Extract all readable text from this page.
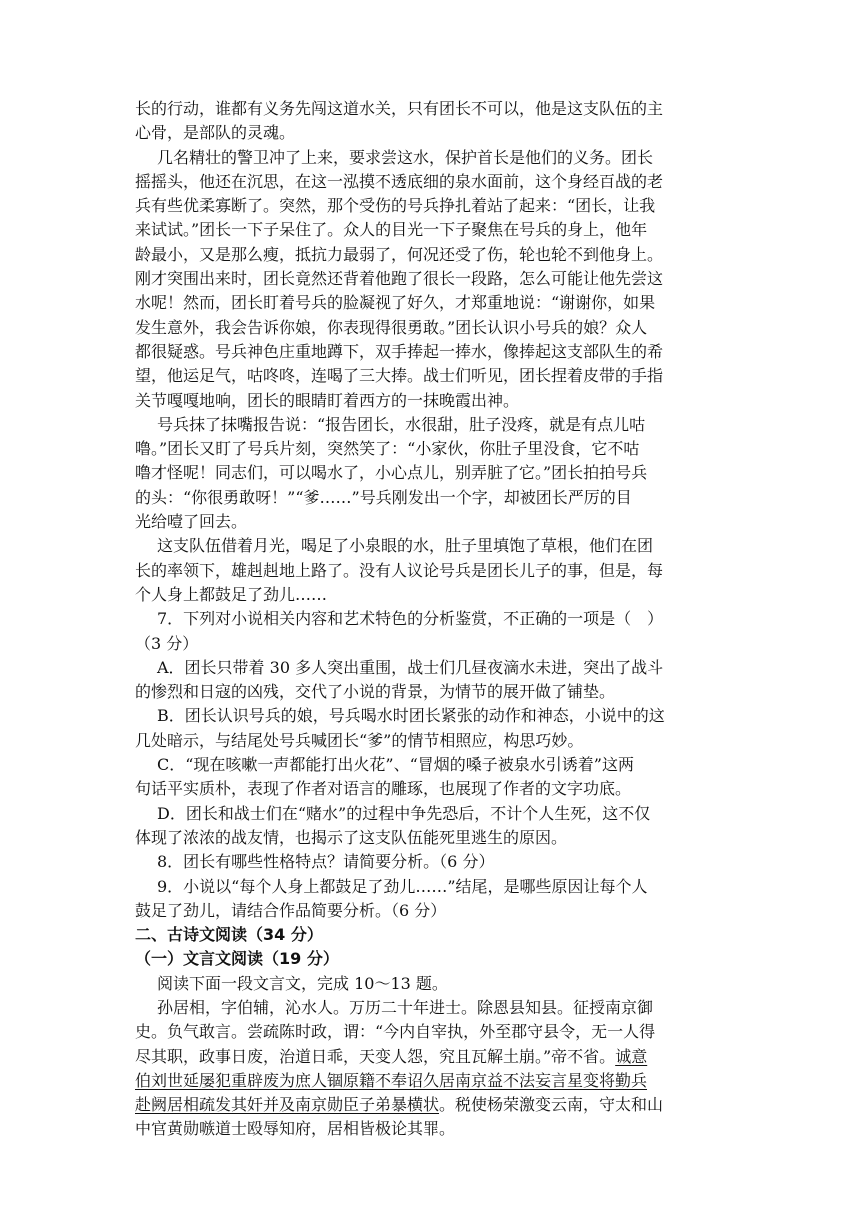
长的行动，谁都有义务先闯这道水关，只有团长不可以，他是这支队伍的主
心骨，是部队的灵魂。
几名精壮的警卫冲了上来，要求尝这水，保护首长是他们的义务。团长
摇摇头，他还在沉思，在这一泓摸不透底细的泉水面前，这个身经百战的老
兵有些优柔寡断了。突然，那个受伤的号兵挣扎着站了起来：“团长，让我
来试试。”团长一下子呆住了。众人的目光一下子聚焦在号兵的身上，他年
龄最小，又是那么瘦，抵抗力最弱了，何况还受了伤，轮也轮不到他身上。
刚才突围出来时，团长竟然还背着他跑了很长一段路，怎么可能让他先尝这
水呢！然而，团长盯着号兵的脸凝视了好久，才郑重地说：“谢谢你，如果
发生意外，我会告诉你娘，你表现得很勇敢。”团长认识小号兵的娘？众人
都很疑惑。号兵神色庄重地蹲下，双手捧起一捧水，像捧起这支部队生的希
望，他运足气，咕咚咚，连喝了三大捧。战士们听见，团长捏着皮带的手指
关节嘎嘎地响，团长的眼睛盯着西方的一抹晚霞出神。
号兵抹了抹嘴报告说：“报告团长，水很甜，肚子没疼，就是有点儿咕
噜。”团长又盯了号兵片刻，突然笑了：“小家伙，你肚子里没食，它不咕
噜才怪呢！同志们，可以喝水了，小心点儿，别弄脏了它。”团长拍拍号兵
的头：“你很勇敢呀！”“爹……”号兵刚发出一个字，却被团长严厉的目
光给噎了回去。
这支队伍借着月光，喝足了小泉眼的水，肚子里填饱了草根，他们在团
长的率领下，雄赳赳地上路了。没有人议论号兵是团长儿子的事，但是，每
个人身上都鼓足了劲儿……
7．下列对小说相关内容和艺术特色的分析鉴赏，不正确的一项是（　）
（3 分）
A．团长只带着 30 多人突出重围，战士们几昼夜滴水未进，突出了战斗
的惨烈和日寇的凶残，交代了小说的背景，为情节的展开做了铺垫。
B．团长认识号兵的娘，号兵喝水时团长紧张的动作和神态，小说中的这
几处暗示，与结尾处号兵喊团长“爹”的情节相照应，构思巧妙。
C．“现在咳嗽一声都能打出火花”、“冒烟的嗓子被泉水引诱着”这两
句话平实质朴，表现了作者对语言的雕琢，也展现了作者的文字功底。
D．团长和战士们在“赌水”的过程中争先恐后，不计个人生死，这不仅
体现了浓浓的战友情，也揭示了这支队伍能死里逃生的原因。
8．团长有哪些性格特点？请简要分析。（6 分）
9．小说以“每个人身上都鼓足了劲儿……”结尾，是哪些原因让每个人
鼓足了劲儿，请结合作品简要分析。（6 分）
二、古诗文阅读（34 分）
（一）文言文阅读（19 分）
阅读下面一段文言文，完成 10～13 题。
孙居相，字伯辅，沁水人。万历二十年进士。除恩县知县。征授南京御
史。负气敢言。尝疏陈时政，谓：“今内自宰执，外至郡守县令，无一人得
尽其职，政事日废，治道日乖，天变人怨，究且瓦解土崩。”帝不省。诚意
伯刘世延屡犯重辟废为庶人锢原籍不奉诏久居南京益不法妄言星变将勤兵
赴阙居相疏发其奸并及南京勋臣子弟暴横状。税使杨荣激变云南，守太和山
中官黄勋嗾道士殴辱知府，居相皆极论其罪。
